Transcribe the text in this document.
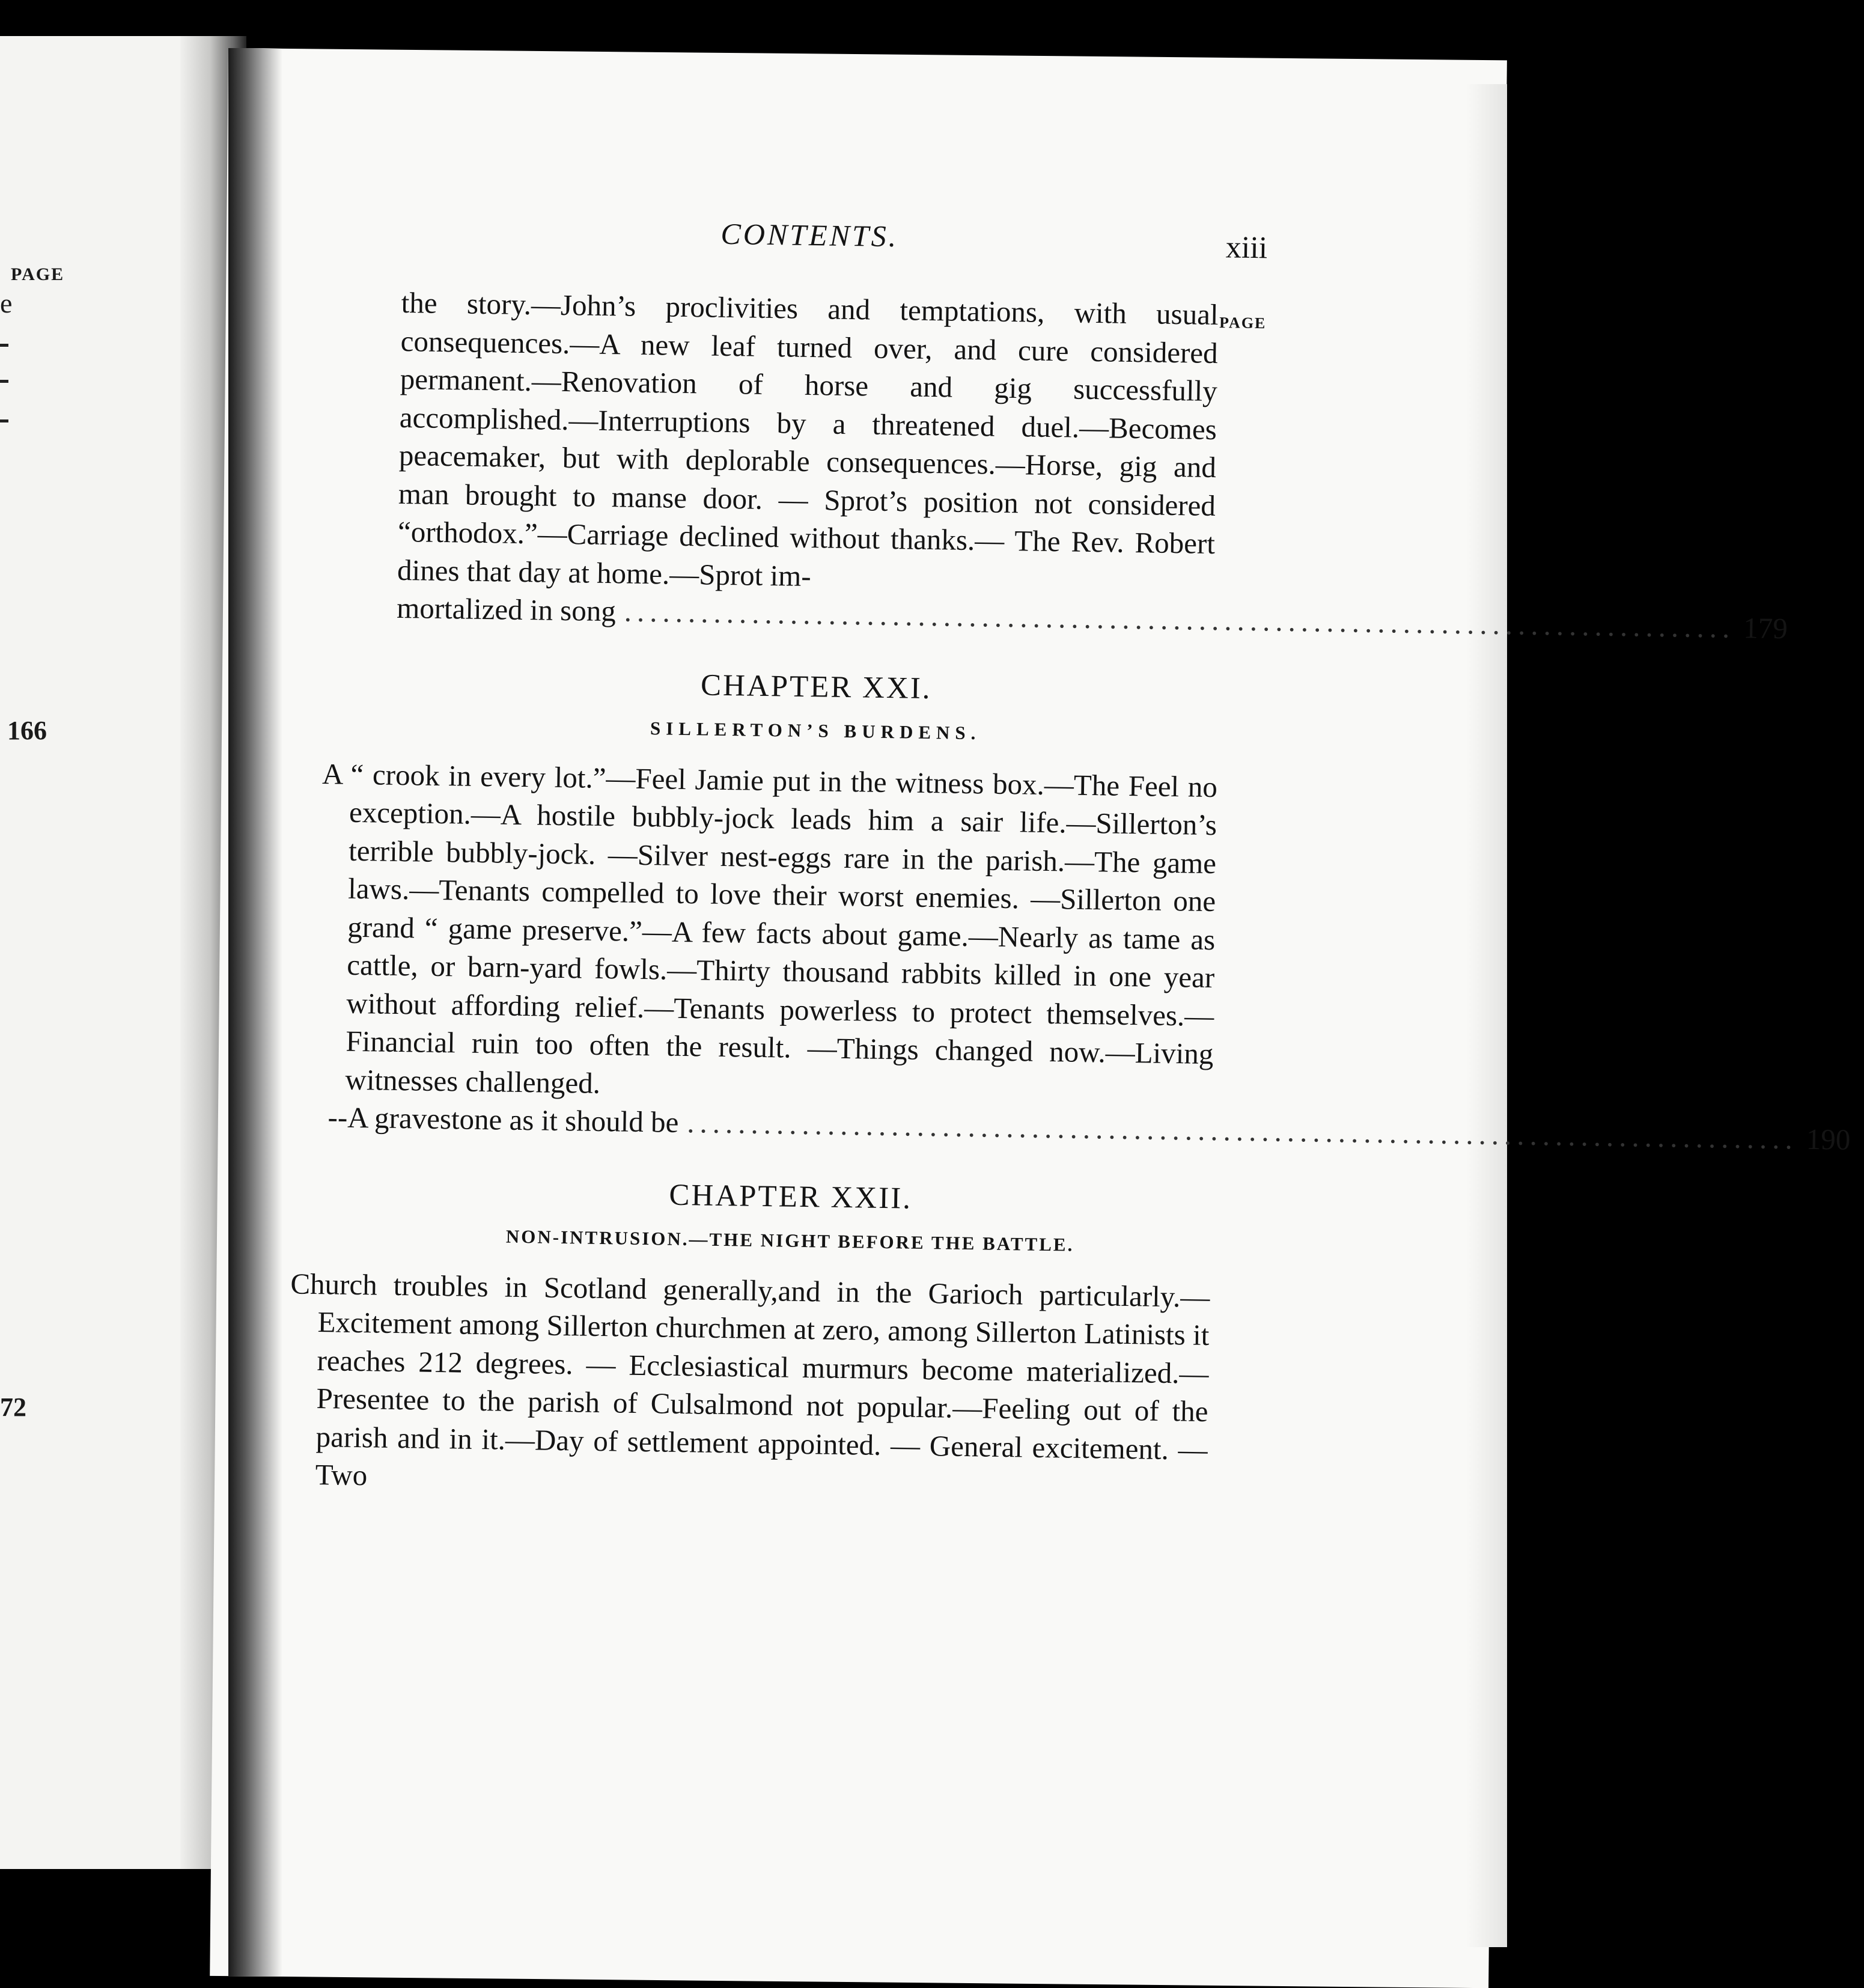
PAGE
e
166
72
CONTENTS.	xiii
PAGE

the story.—John’s proclivities and temptations, with usual consequences.—A new leaf turned over, and cure considered permanent.—Renovation of horse and gig successfully accomplished.—Interruptions by a threatened duel.—Becomes peacemaker, but with deplorable consequences.—Horse, gig and man brought to manse door. — Sprot’s position not considered “orthodox.”—Carriage declined without thanks.— The Rev. Robert dines that day at home.—Sprot im-

mortalized in song ....................................................................................... 179
CHAPTER XXI.
SILLERTON’S BURDENS.

A “ crook in every lot.”—Feel Jamie put in the witness box.—The Feel no exception.—A hostile bubbly-jock leads him a sair life.—Sillerton’s terrible bubbly-jock. —Silver nest-eggs rare in the parish.—The game laws.—Tenants compelled to love their worst enemies. —Sillerton one grand “ game preserve.”—A few facts about game.—Nearly as tame as cattle, or barn-yard fowls.—Thirty thousand rabbits killed in one year without affording relief.—Tenants powerless to protect themselves.—Financial ruin too often the result. —Things changed now.—Living witnesses challenged.

--A gravestone as it should be ....................................................................................... 190
CHAPTER XXII.
NON-INTRUSION.—THE NIGHT BEFORE THE BATTLE.

Church troubles in Scotland generally,and in the Garioch particularly.—Excitement among Sillerton churchmen at zero, among Sillerton Latinists it reaches 212 degrees. — Ecclesiastical murmurs become materialized.—Presentee to the parish of Culsalmond not popular.—Feeling out of the parish and in it.—Day of settlement appointed. — General excitement. — Two
